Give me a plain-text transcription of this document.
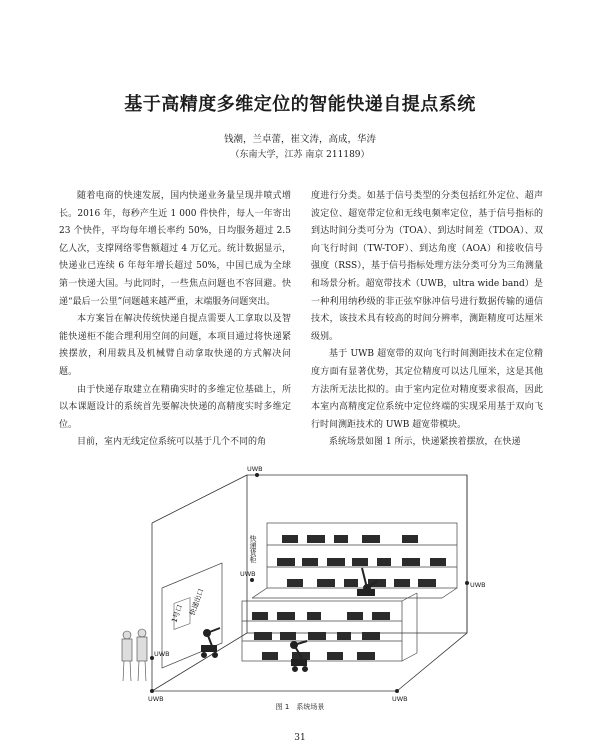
基于高精度多维定位的智能快递自提点系统
钱潮，兰卓蕾，崔文涛，高成，华涛
（东南大学，江苏 南京 211189）

随着电商的快速发展，国内快递业务量呈现井喷式增长。2016 年，每秒产生近 1 000 件快件，每人一年寄出 23 个快件，平均每年增长率约 50%，日均服务超过 2.5 亿人次，支撑网络零售额超过 4 万亿元。统计数据显示，快递业已连续 6 年每年增长超过 50%，中国已成为全球第一快递大国。与此同时，一些焦点问题也不容回避。快递“最后一公里”问题越来越严重，末端服务问题突出。

本方案旨在解决传统快递自提点需要人工拿取以及智能快递柜不能合理利用空间的问题，本项目通过将快递紧挨摆放，利用载具及机械臂自动拿取快递的方式解决问题。

由于快递存取建立在精确实时的多维定位基础上，所以本课题设计的系统首先要解决快递的高精度实时多维定位。

目前，室内无线定位系统可以基于几个不同的角

度进行分类。如基于信号类型的分类包括红外定位、超声波定位、超宽带定位和无线电频率定位，基于信号指标的到达时间分类可分为（TOA）、到达时间差（TDOA）、双向飞行时间（TW-TOF）、到达角度（AOA）和接收信号强度（RSS），基于信号指标处理方法分类可分为三角测量和场景分析。超宽带技术（UWB，ultra wide band）是一种利用纳秒级的非正弦窄脉冲信号进行数据传输的通信技术，该技术具有较高的时间分辨率，测距精度可达厘米级别。

基于 UWB 超宽带的双向飞行时间测距技术在定位精度方面有显著优势，其定位精度可以达几厘米，这是其他方法所无法比拟的。由于室内定位对精度要求很高，因此本室内高精度定位系统中定位终端的实现采用基于双向飞行时间测距技术的 UWB 超宽带模块。

系统场景如图 1 所示，快递紧挨着摆放，在快递

1号口 快递出口
快递货柜
UWB
UWB
UWB
UWB
UWB	UWB
图 1　系统场景
31
